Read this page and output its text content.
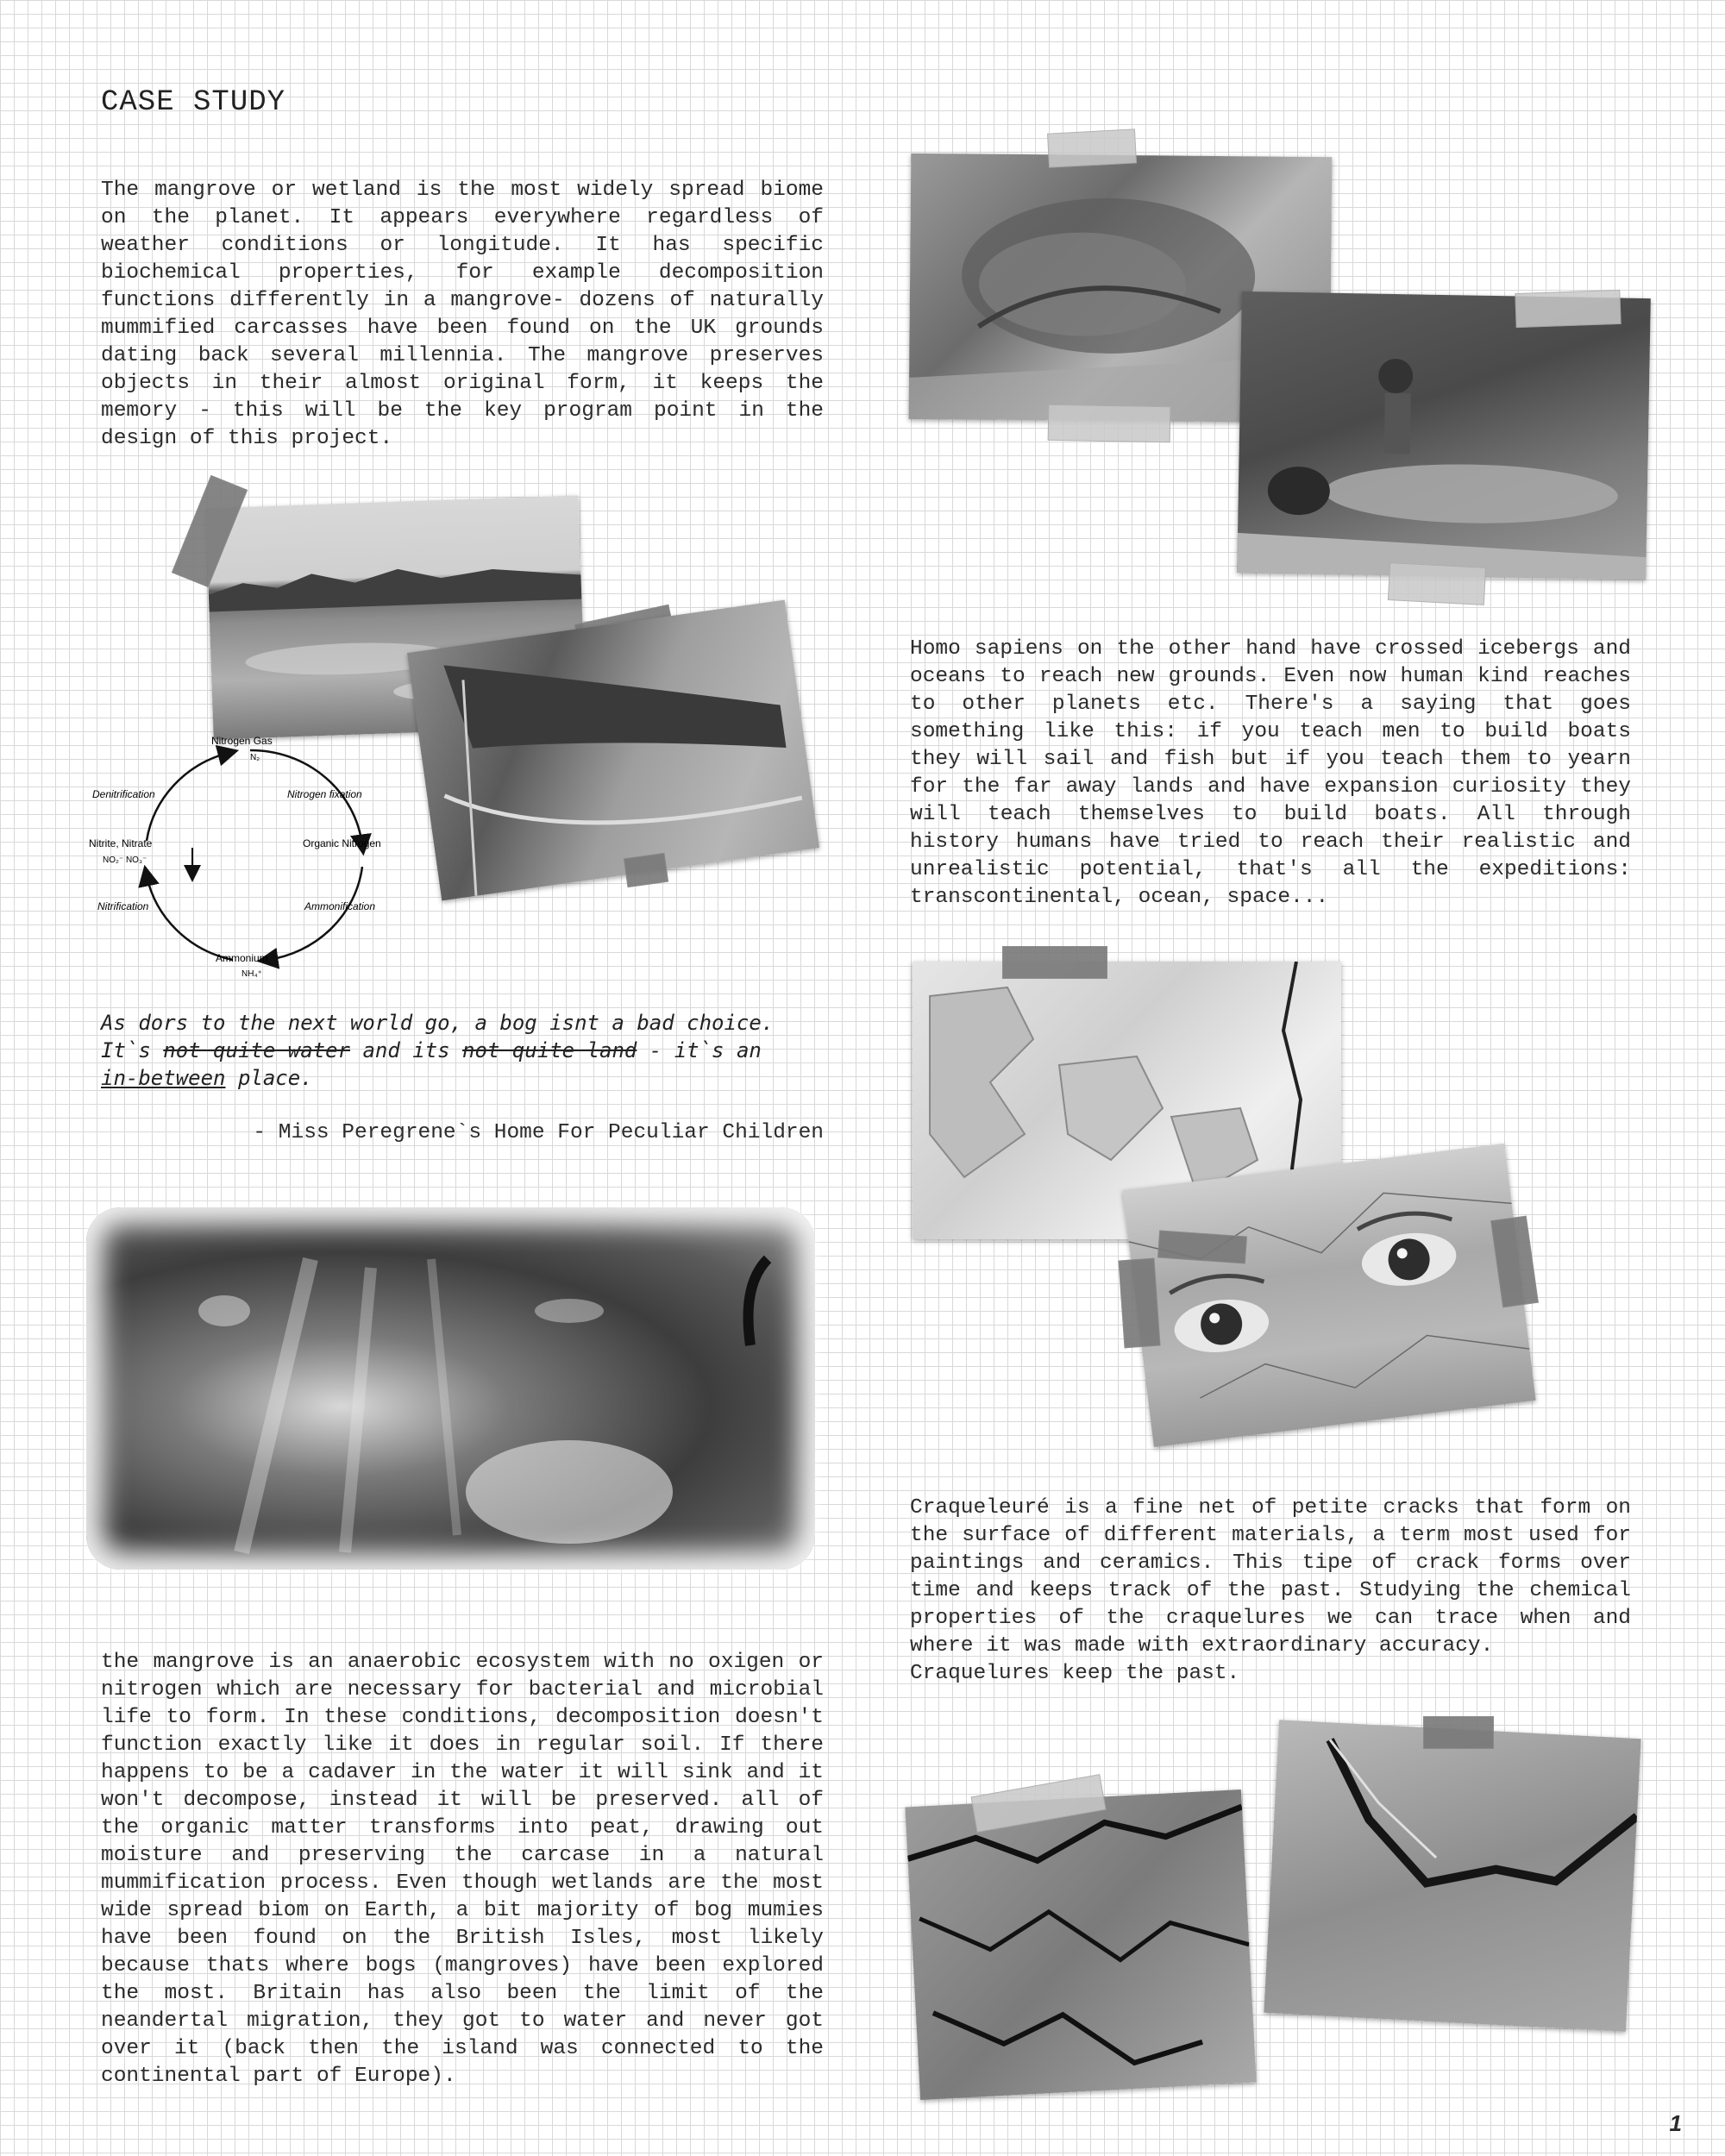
CASE STUDY
The mangrove or wetland is the most widely spread biome on the planet. It appears everywhere regardless of weather conditions or longitude. It has specific biochemical properties, for example decomposition functions differently in a mangrove- dozens of naturally mummified carcasses have been found on the UK grounds dating back several millennia. The mangrove preserves objects in their almost original form, it keeps the memory - this will be the key program point in the design of this project.
Nitrogen Gas
N₂
Denitrification	Nitrogen fixation
Nitrite, Nitrate
NO₂⁻ NO₃⁻
Organic Nitrogen
Nitrification	Ammonification
Ammonium
NH₄⁺
Homo sapiens on the other hand have crossed icebergs and oceans to reach new grounds. Even now human kind reaches to other planets etc. There's a saying that goes something like this: if you teach men to build boats they will sail and fish but if you teach them to yearn for the far away lands and have expansion curiosity they will teach themselves to build boats. All through history humans have tried to reach their realistic and unrealistic potential, that's all the expeditions: transcontinental, ocean, space...
As dors to the next world go, a bog isnt a bad choice.
It`s not quite water and its not quite land - it`s an
in-between place.
- Miss Peregrene`s Home For Peculiar Children
Craqueleuré is a fine net of petite cracks that form on the surface of different materials, a term most used for paintings and ceramics. This tipe of crack forms over time and keeps track of the past. Studying the chemical properties of the craquelures we can trace when and where it was made with extraordinary accuracy.
Craquelures keep the past.
the mangrove is an anaerobic ecosystem with no oxigen or nitrogen which are necessary for bacterial and microbial life to form. In these conditions, decomposition doesn't function exactly like it does in regular soil. If there happens to be a cadaver in the water it will sink and it won't decompose, instead it will be preserved. all of the organic matter transforms into peat, drawing out moisture and preserving the carcase in a natural mummification process. Even though wetlands are the most wide spread biom on Earth, a bit majority of bog mumies have been found on the British Isles, most likely because thats where bogs (mangroves) have been explored the most. Britain has also been the limit of the neandertal migration, they got to water and never got over it (back then the island was connected to the continental part of Europe).
1
